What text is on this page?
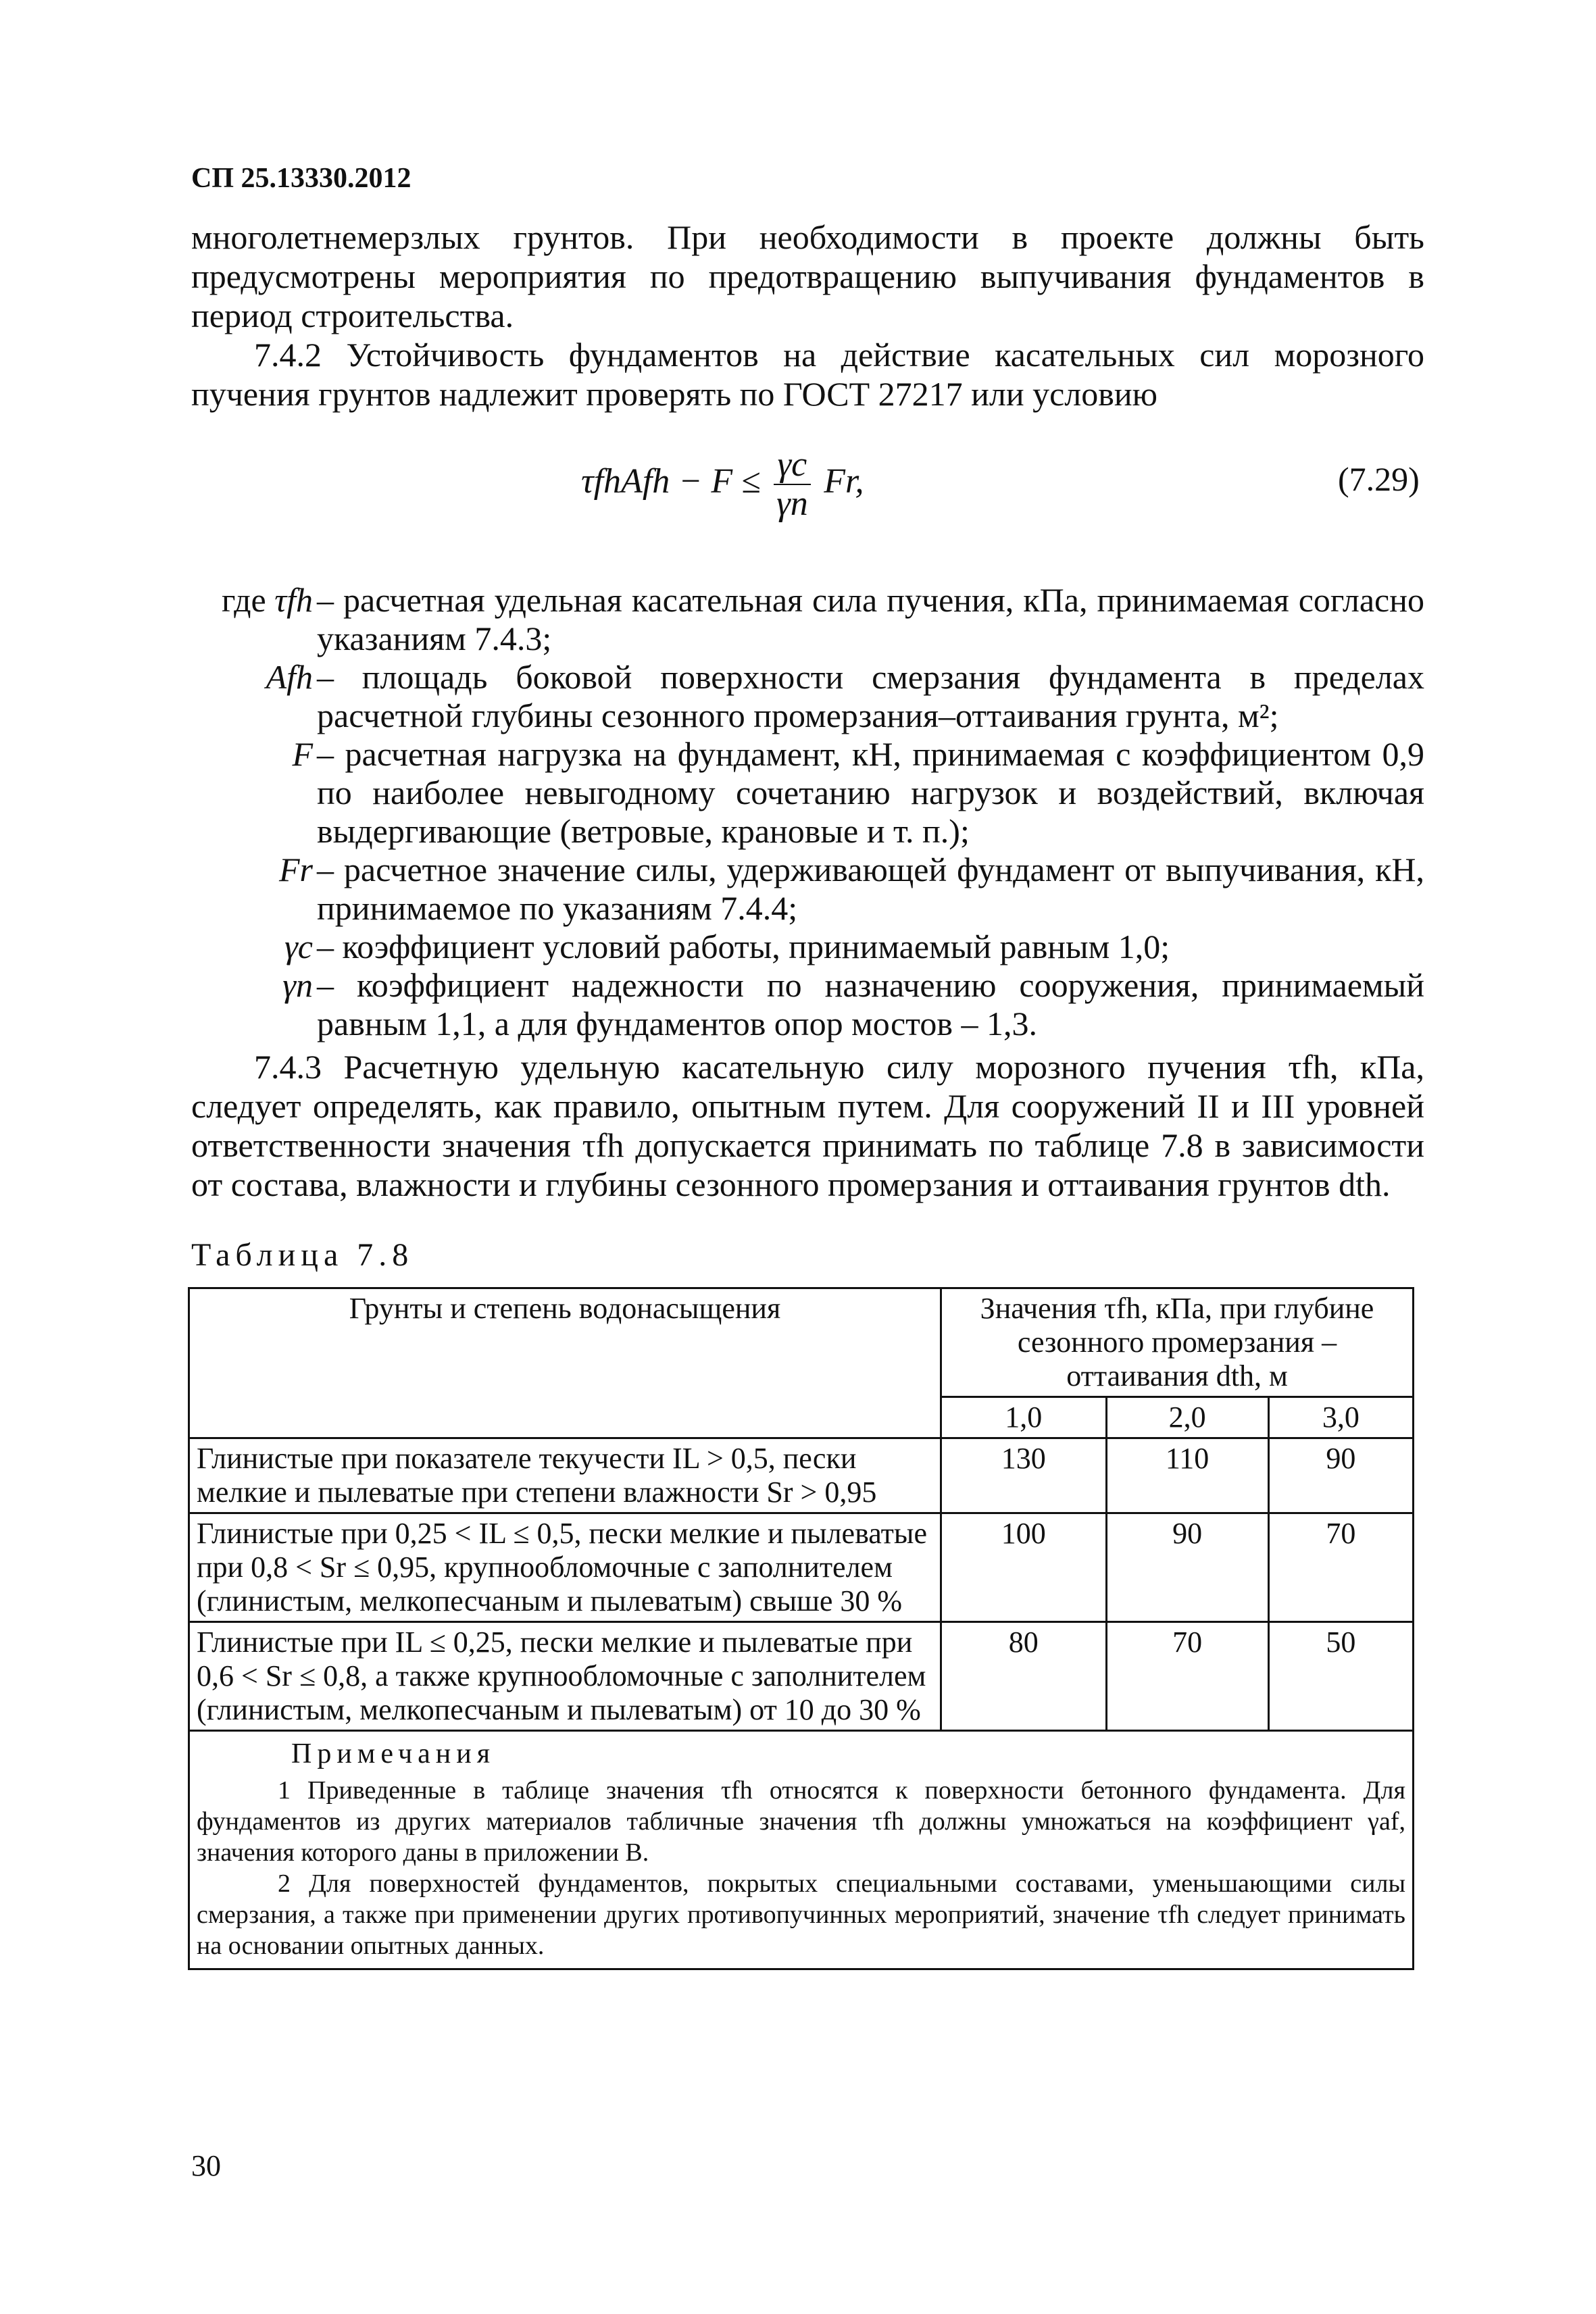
СП 25.13330.2012
многолетнемерзлых грунтов. При необходимости в проекте должны быть предусмотрены мероприятия по предотвращению выпучивания фундаментов в период строительства.
7.4.2 Устойчивость фундаментов на действие касательных сил морозного пучения грунтов надлежит проверять по ГОСТ 27217 или условию
τfhAfh − $F \le \frac{\gamma c}{\gamma n} Fr$,	(7.29)
где τfh – расчетная удельная касательная сила пучения, кПа, принимаемая согласно указаниям 7.4.3;
Afh – площадь боковой поверхности смерзания фундамента в пределах расчетной глубины сезонного промерзания–оттаивания грунта, м²;
F – расчетная нагрузка на фундамент, кН, принимаемая с коэффициентом 0,9 по наиболее невыгодному сочетанию нагрузок и воздействий, включая выдергивающие (ветровые, крановые и т. п.);
Fr – расчетное значение силы, удерживающей фундамент от выпучивания, кН, принимаемое по указаниям 7.4.4;
γc – коэффициент условий работы, принимаемый равным 1,0;
γn – коэффициент надежности по назначению сооружения, принимаемый равным 1,1, а для фундаментов опор мостов – 1,3.
7.4.3 Расчетную удельную касательную силу морозного пучения τfh, кПа, следует определять, как правило, опытным путем. Для сооружений II и III уровней ответственности значения τfh допускается принимать по таблице 7.8 в зависимости от состава, влажности и глубины сезонного промерзания и оттаивания грунтов dth.
Таблица 7.8
Грунты и степень водонасыщения	Значения τfh, кПа, при глубине сезонного промерзания – оттаивания dth, м		
	1,0	2,0	3,0
Глинистые при показателе текучести IL > 0,5, пески мелкие и пылеватые при степени влажности Sr > 0,95	130	110	90
Глинистые при 0,25 < IL ≤ 0,5, пески мелкие и пылеватые при 0,8 < Sr ≤ 0,95, крупнообломочные с заполнителем (глинистым, мелкопесчаным и пылеватым) свыше 30 %	100	90	70
Глинистые при IL ≤ 0,25, пески мелкие и пылеватые при 0,6 < Sr ≤ 0,8, а также крупнообломочные с заполнителем (глинистым, мелкопесчаным и пылеватым) от 10 до 30 %	80	70	50

Примечания
1 Приведенные в таблице значения τfh относятся к поверхности бетонного фундамента. Для фундаментов из других материалов табличные значения τfh должны умножаться на коэффициент γaf, значения которого даны в приложении В.
2 Для поверхностей фундаментов, покрытых специальными составами, уменьшающими силы смерзания, а также при применении других противопучинных мероприятий, значение τfh следует принимать на основании опытных данных.			
30
